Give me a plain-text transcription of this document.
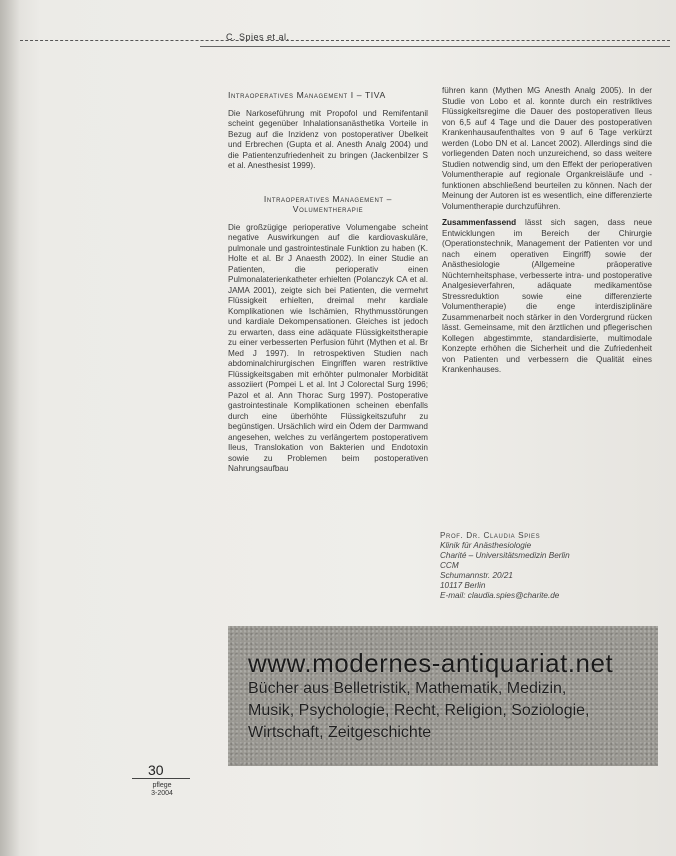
C. Spies et al.
Intraoperatives Management I – TIVA
Die Narkoseführung mit Propofol und Remifentanil scheint gegenüber Inhalationsanästhetika Vorteile in Bezug auf die Inzidenz von postoperativer Übelkeit und Erbrechen (Gupta et al. Anesth Analg 2004) und die Patientenzufriedenheit zu bringen (Jackenbilzer S et al. Anesthesist 1999).
Intraoperatives Management –
Volumentherapie
Die großzügige perioperative Volumengabe scheint negative Auswirkungen auf die kardiovaskuläre, pulmonale und gastrointestinale Funktion zu haben (K. Holte et al. Br J Anaesth 2002). In einer Studie an Patienten, die perioperativ einen Pulmonalaterienkatheter erhielten (Polanczyk CA et al. JAMA 2001), zeigte sich bei Patienten, die vermehrt Flüssigkeit erhielten, dreimal mehr kardiale Komplikationen wie Ischämien, Rhythmusstörungen und kardiale Dekompensationen. Gleiches ist jedoch zu erwarten, dass eine adäquate Flüssigkeitstherapie zu einer verbesserten Perfusion führt (Mythen et al. Br Med J 1997). In retrospektiven Studien nach abdominalchirurgischen Eingriffen waren restriktive Flüssigkeitsgaben mit erhöhter pulmonaler Morbidität assoziiert (Pompei L et al. Int J Colorectal Surg 1996; Pazol et al. Ann Thorac Surg 1997). Postoperative gastrointestinale Komplikationen scheinen ebenfalls durch eine überhöhte Flüssigkeitszufuhr zu begünstigen. Ursächlich wird ein Ödem der Darmwand angesehen, welches zu verlängertem postoperativem Ileus, Translokation von Bakterien und Endotoxin sowie zu Problemen beim postoperativen Nahrungsaufbau
führen kann (Mythen MG Anesth Analg 2005). In der Studie von Lobo et al. konnte durch ein restriktives Flüssigkeitsregime die Dauer des postoperativen Ileus von 6,5 auf 4 Tage und die Dauer des postoperativen Krankenhausaufenthaltes von 9 auf 6 Tage verkürzt werden (Lobo DN et al. Lancet 2002). Allerdings sind die vorliegenden Daten noch unzureichend, so dass weitere Studien notwendig sind, um den Effekt der perioperativen Volumentherapie auf regionale Organkreisläufe und -funktionen abschließend beurteilen zu können. Nach der Meinung der Autoren ist es wesentlich, eine differenzierte Volumentherapie durchzuführen.
Zusammenfassend lässt sich sagen, dass neue Entwicklungen im Bereich der Chirurgie (Operationstechnik, Management der Patienten vor und nach einem operativen Eingriff) sowie der Anästhesiologie (Allgemeine präoperative Nüchternheitsphase, verbesserte intra- und postoperative Analgesieverfahren, adäquate medikamentöse Stressreduktion sowie eine differenzierte Volumentherapie) die enge interdisziplinäre Zusammenarbeit noch stärker in den Vordergrund rücken lässt. Gemeinsame, mit den ärztlichen und pflegerischen Kollegen abgestimmte, standardisierte, multimodale Konzepte erhöhen die Sicherheit und die Zufriedenheit von Patienten und verbessern die Qualität eines Krankenhauses.
Prof. Dr. Claudia Spies
Klinik für Anästhesiologie
Charité – Universitätsmedizin Berlin
CCM
Schumannstr. 20/21
10117 Berlin
E-mail: claudia.spies@charite.de
www.modernes-antiquariat.net
Bücher aus Belletristik, Mathematik, Medizin,
Musik, Psychologie, Recht, Religion, Soziologie,
Wirtschaft, Zeitgeschichte
30
pflege
3-2004
